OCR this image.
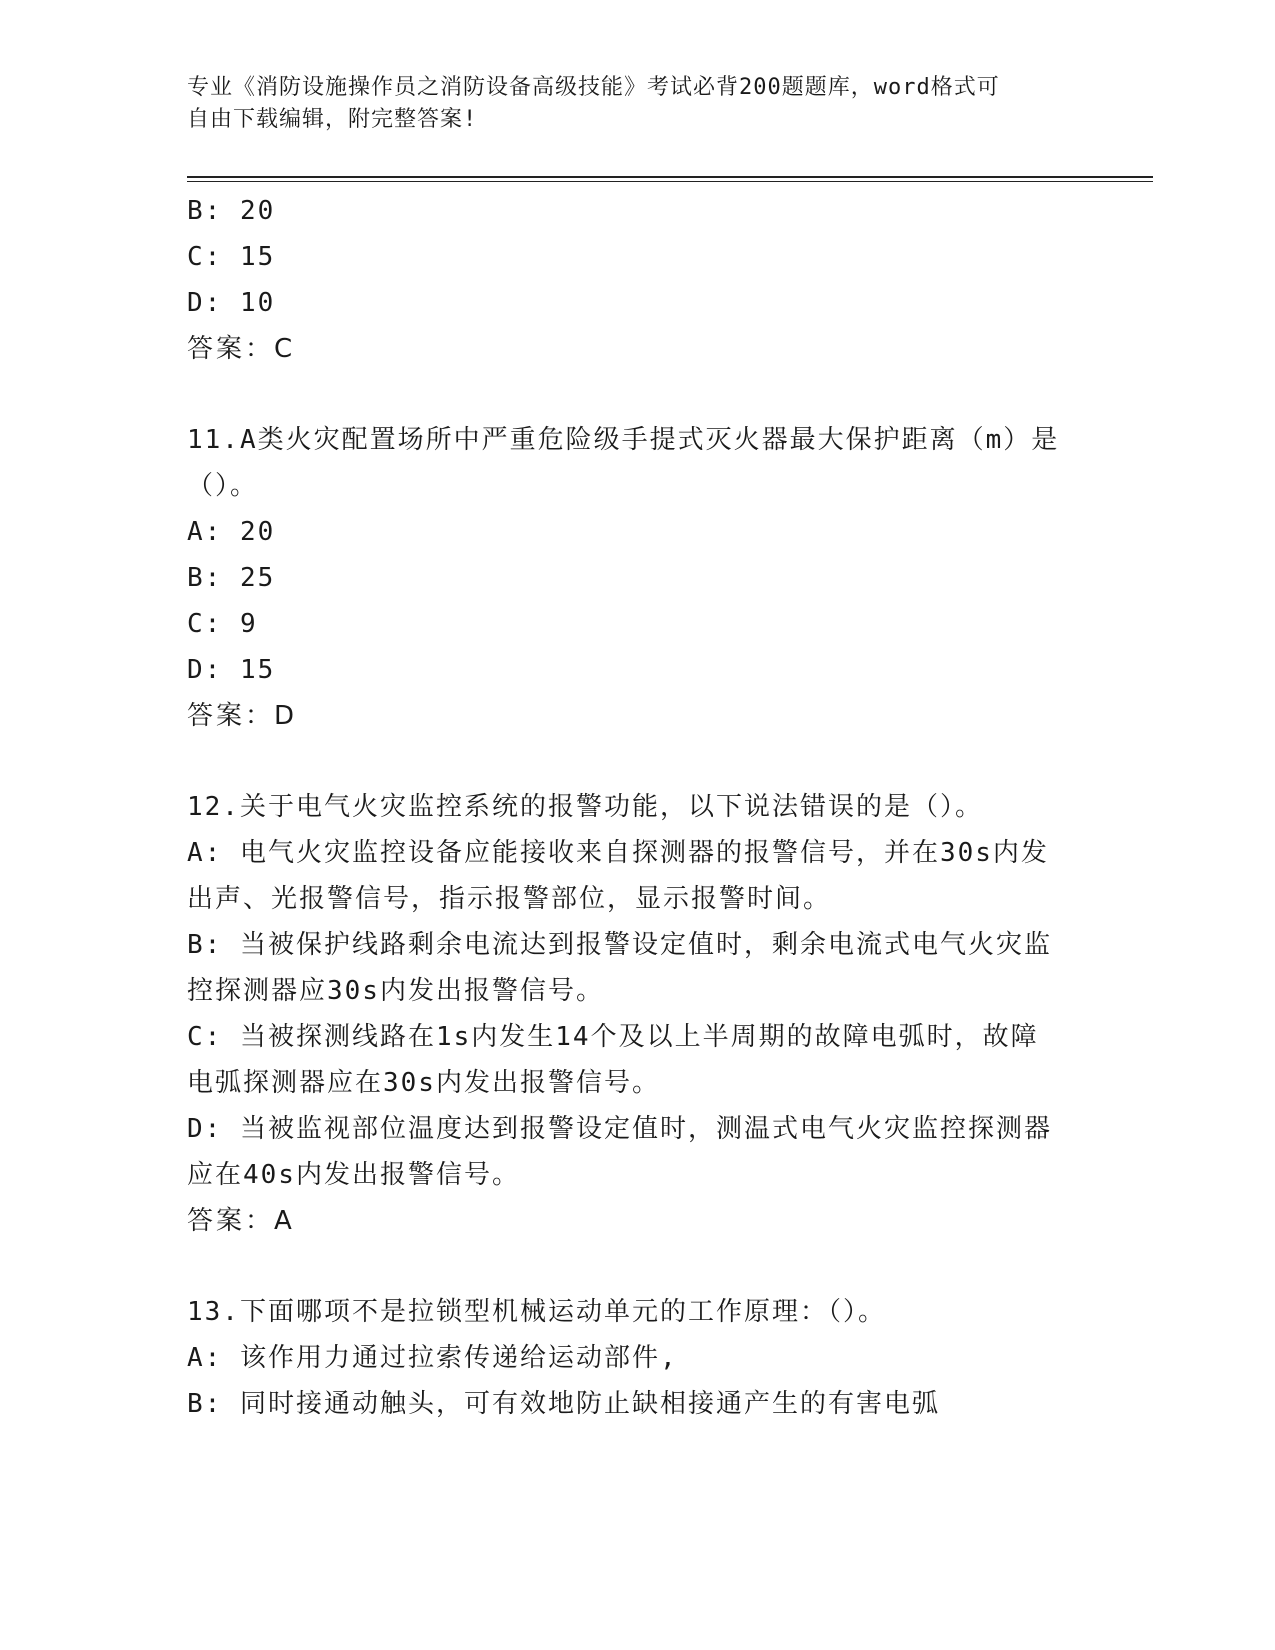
专业《消防设施操作员之消防设备高级技能》考试必背200题题库，word格式可
自由下载编辑，附完整答案!
B: 20
C: 15
D: 10
答案：C
11.A类火灾配置场所中严重危险级手提式灭火器最大保护距离（m）是
（）。
A: 20
B: 25
C: 9
D: 15
答案：D
12.关于电气火灾监控系统的报警功能，以下说法错误的是（）。
A: 电气火灾监控设备应能接收来自探测器的报警信号，并在30s内发
出声、光报警信号，指示报警部位，显示报警时间。
B: 当被保护线路剩余电流达到报警设定值时，剩余电流式电气火灾监
控探测器应30s内发出报警信号。
C: 当被探测线路在1s内发生14个及以上半周期的故障电弧时，故障
电弧探测器应在30s内发出报警信号。
D: 当被监视部位温度达到报警设定值时，测温式电气火灾监控探测器
应在40s内发出报警信号。
答案：A
13.下面哪项不是拉锁型机械运动单元的工作原理：（）。
A: 该作用力通过拉索传递给运动部件,
B: 同时接通动触头，可有效地防止缺相接通产生的有害电弧
